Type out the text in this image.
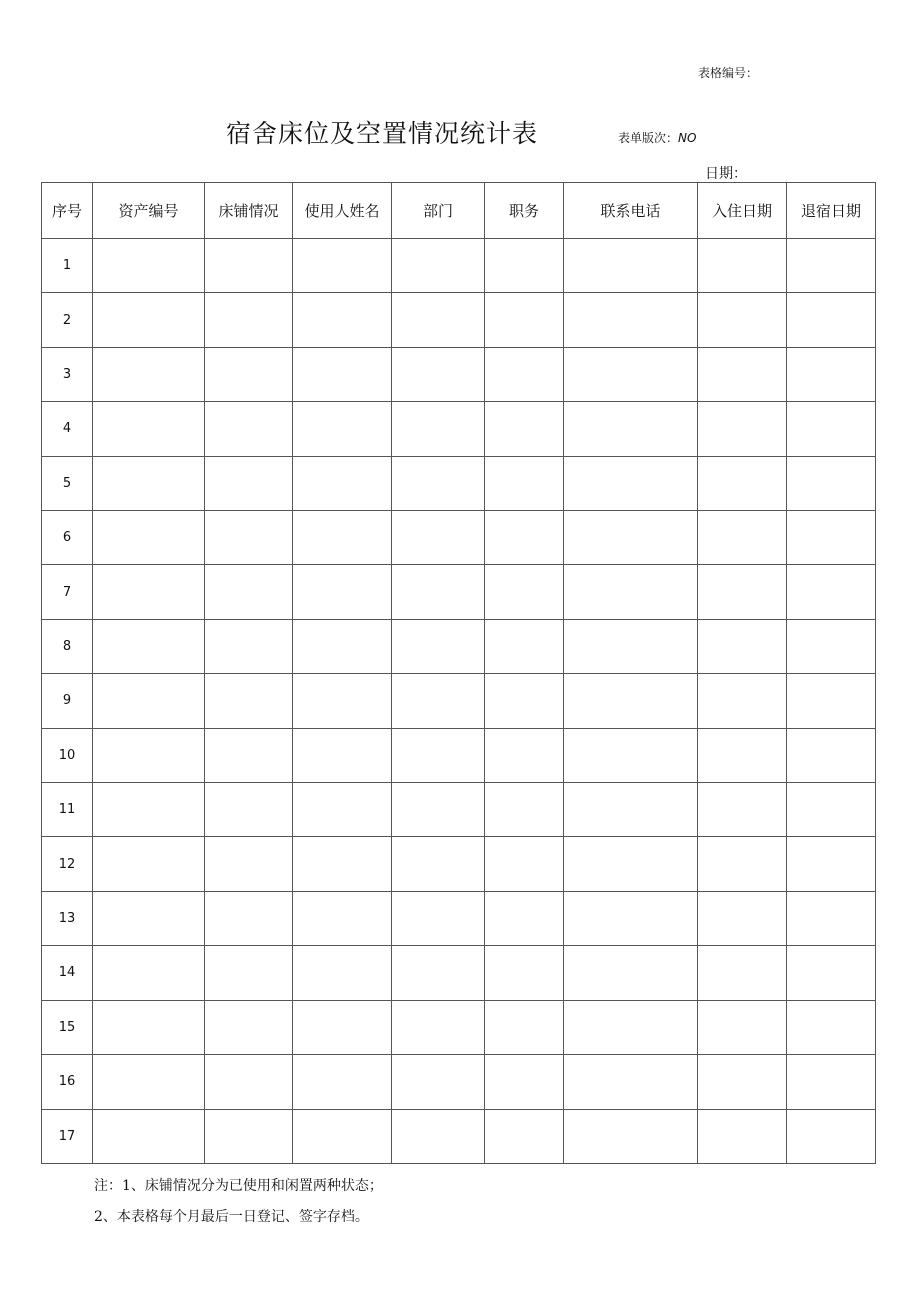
表格编号：
宿舍床位及空置情况统计表	表单版次：NO
日期：
序号	资产编号	床铺情况	使用人姓名	部门	职务	联系电话	入住日期	退宿日期
1								
2								
3								
4								
5								
6								
7								
8								
9								
10								
11								
12								
13								
14								
15								
16								
17								
注：1、床铺情况分为已使用和闲置两种状态；
2、本表格每个月最后一日登记、签字存档。
